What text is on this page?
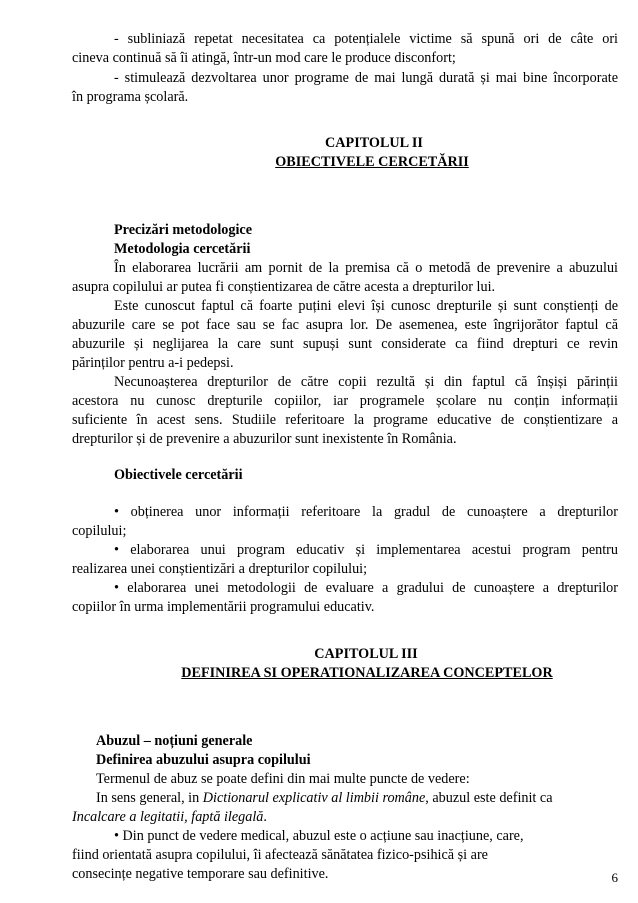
- subliniază repetat necesitatea ca potențialele victime să spună ori de câte ori
cineva continuă să îi atingă, într-un mod care le produce disconfort;
- stimulează dezvoltarea unor programe de mai lungă durată și mai bine încorporate
în programa școlară.
CAPITOLUL II
OBIECTIVELE CERCETĂRII
Precizări metodologice
Metodologia cercetării
În elaborarea lucrării am pornit de la premisa că o metodă de prevenire a abuzului
asupra copilului ar putea fi conștientizarea de către acesta a drepturilor lui.
Este cunoscut faptul că foarte puțini elevi își cunosc drepturile și sunt conștienți de
abuzurile care se pot face sau se fac asupra lor. De asemenea, este îngrijorător faptul că
abuzurile și neglijarea la care sunt supuși sunt considerate ca fiind drepturi ce revin
părinților pentru a-i pedepsi.
Necunoașterea drepturilor de către copii rezultă și din faptul că înșiși părinții
acestora nu cunosc drepturile copiilor, iar programele școlare nu conțin informații
suficiente în acest sens. Studiile referitoare la programe educative de conștientizare a
drepturilor și de prevenire a abuzurilor sunt inexistente în România.
Obiectivele cercetării
• obținerea unor informații referitoare la gradul de cunoaștere a drepturilor
copilului;
• elaborarea unui program educativ și implementarea acestui program pentru
realizarea unei conștientizări a drepturilor copilului;
• elaborarea unei metodologii de evaluare a gradului de cunoaștere a drepturilor
copiilor în urma implementării programului educativ.
CAPITOLUL III
DEFINIREA SI OPERATIONALIZAREA CONCEPTELOR
Abuzul – noțiuni generale
Definirea abuzului asupra copilului
Termenul de abuz se poate defini din mai multe puncte de vedere:
In sens general, in Dictionarul explicativ al limbii române, abuzul este definit ca
Incalcare a legitatii, faptă ilegală.
• Din punct de vedere medical, abuzul este o acțiune sau inacțiune, care,
fiind orientată asupra copilului, îi afectează sănătatea fizico-psihică și are
consecințe negative temporare sau definitive.	6
